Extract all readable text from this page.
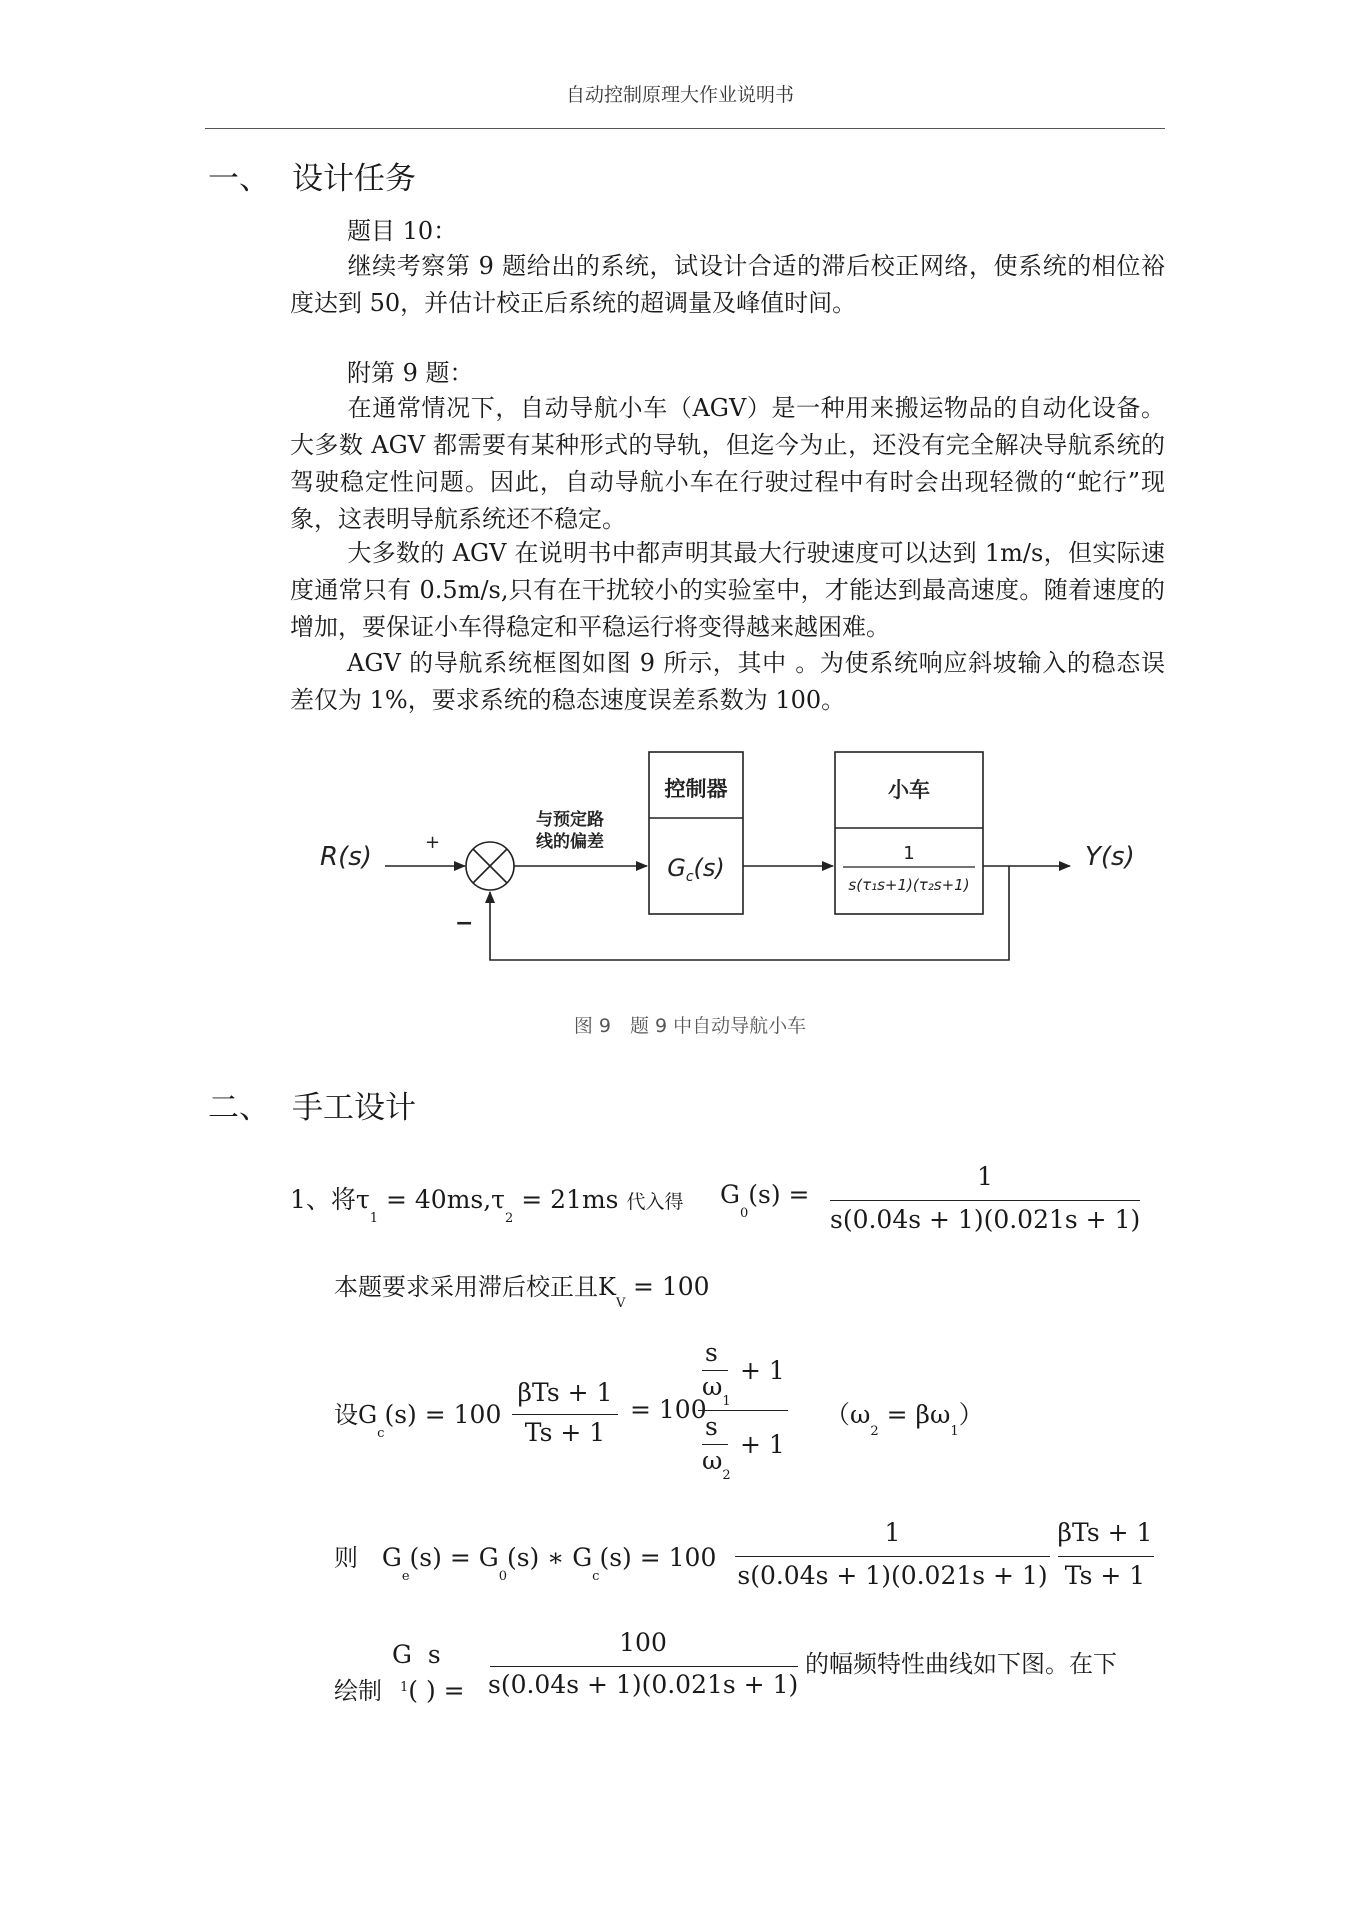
自动控制原理大作业说明书
一、 设计任务
题目 10：
继续考察第 9 题给出的系统，试设计合适的滞后校正网络，使系统的相位裕度达到 50，并估计校正后系统的超调量及峰值时间。
附第 9 题：
在通常情况下，自动导航小车（AGV）是一种用来搬运物品的自动化设备。大多数 AGV 都需要有某种形式的导轨，但迄今为止，还没有完全解决导航系统的驾驶稳定性问题。因此，自动导航小车在行驶过程中有时会出现轻微的“蛇行”现象，这表明导航系统还不稳定。
大多数的 AGV 在说明书中都声明其最大行驶速度可以达到 1m/s，但实际速度通常只有 0.5m/s,只有在干扰较小的实验室中，才能达到最高速度。随着速度的增加，要保证小车得稳定和平稳运行将变得越来越困难。
AGV 的导航系统框图如图 9 所示，其中 。为使系统响应斜坡输入的稳态误差仅为 1%，要求系统的稳态速度误差系数为 100。
R(s)	+
与预定路
线的偏差
控制器
$G_c(s)$
小车
1
s(τ₁s+1)(τ₂s+1)
Y(s)
−
图 9　题 9 中自动导航小车
二、 手工设计
1、将$\tau_1 = 40ms,\tau_2 = 21ms$ 代入得 $G_0(s)$ =
1
s(0.04s + 1)(0.021s + 1)
本题要求采用滞后校正且$K_V = 100$
设$G_c(s) = 100$
βTs + 1
Ts + 1
= 100
s
$\omega_1$
+ 1
s
$\omega_2$
+ 1
$(\omega_2 = \beta\omega_1)$
则 $G_e(s) = G_0(s)$ ∗ $G_c(s) = 100$
1
s(0.04s + 1)(0.021s + 1)
βTs + 1
Ts + 1
绘制
G s
$^1$( ) =
100
s(0.04s + 1)(0.021s + 1)
的幅频特性曲线如下图。在下
